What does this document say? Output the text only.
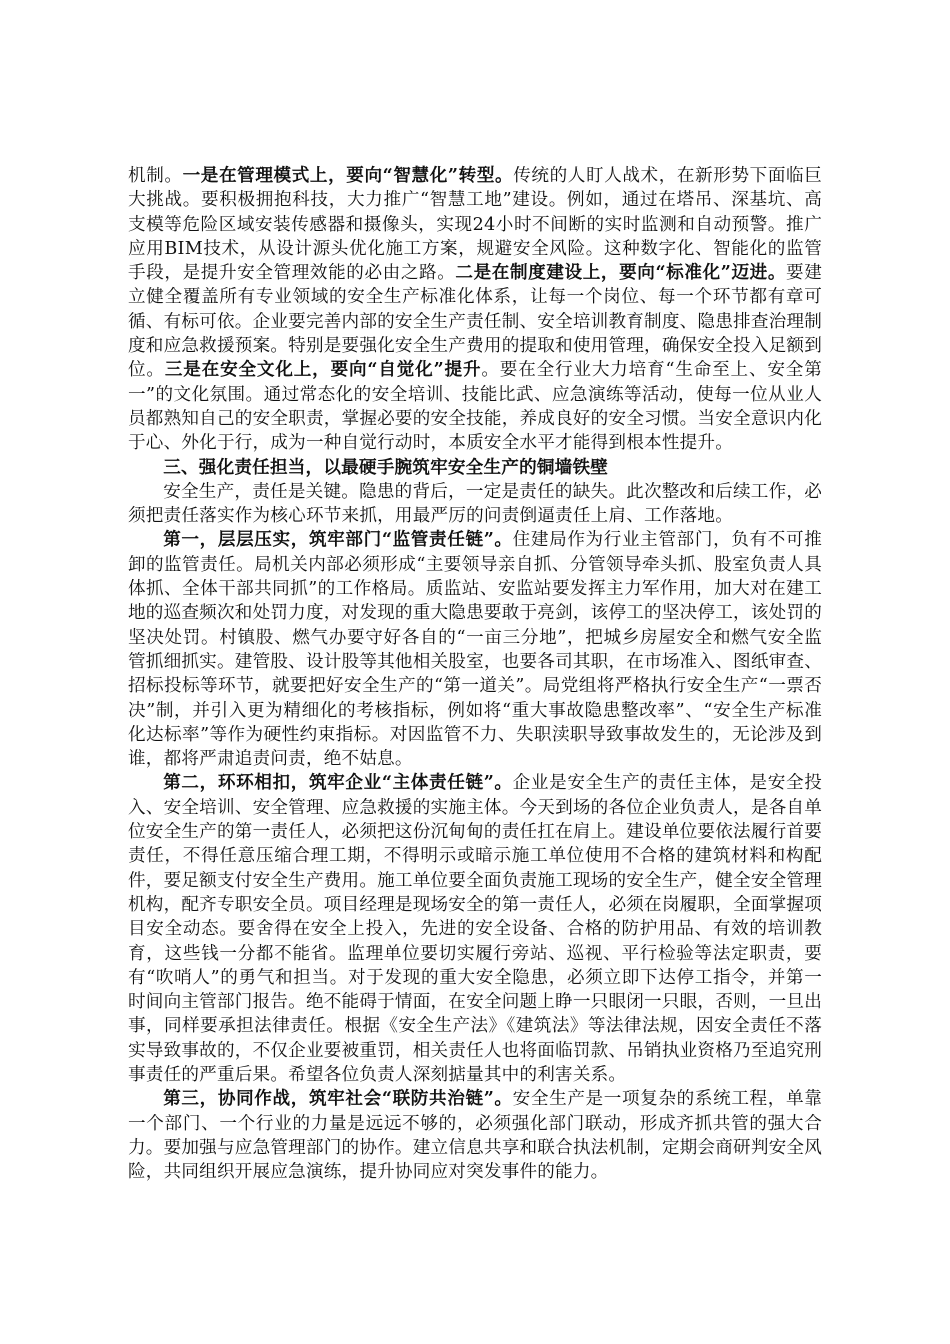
机制。一是在管理模式上，要向“智慧化”转型。传统的人盯人战术，在新形势下面临巨大挑战。要积极拥抱科技，大力推广“智慧工地”建设。例如，通过在塔吊、深基坑、高支模等危险区域安装传感器和摄像头，实现24小时不间断的实时监测和自动预警。推广应用BIM技术，从设计源头优化施工方案，规避安全风险。这种数字化、智能化的监管手段，是提升安全管理效能的必由之路。二是在制度建设上，要向“标准化”迈进。要建立健全覆盖所有专业领域的安全生产标准化体系，让每一个岗位、每一个环节都有章可循、有标可依。企业要完善内部的安全生产责任制、安全培训教育制度、隐患排查治理制度和应急救援预案。特别是要强化安全生产费用的提取和使用管理，确保安全投入足额到位。三是在安全文化上，要向“自觉化”提升。要在全行业大力培育“生命至上、安全第一”的文化氛围。通过常态化的安全培训、技能比武、应急演练等活动，使每一位从业人员都熟知自己的安全职责，掌握必要的安全技能，养成良好的安全习惯。当安全意识内化于心、外化于行，成为一种自觉行动时，本质安全水平才能得到根本性提升。

三、强化责任担当，以最硬手腕筑牢安全生产的铜墙铁壁

安全生产，责任是关键。隐患的背后，一定是责任的缺失。此次整改和后续工作，必须把责任落实作为核心环节来抓，用最严厉的问责倒逼责任上肩、工作落地。

第一，层层压实，筑牢部门“监管责任链”。住建局作为行业主管部门，负有不可推卸的监管责任。局机关内部必须形成“主要领导亲自抓、分管领导牵头抓、股室负责人具体抓、全体干部共同抓”的工作格局。质监站、安监站要发挥主力军作用，加大对在建工地的巡查频次和处罚力度，对发现的重大隐患要敢于亮剑，该停工的坚决停工，该处罚的坚决处罚。村镇股、燃气办要守好各自的“一亩三分地”，把城乡房屋安全和燃气安全监管抓细抓实。建管股、设计股等其他相关股室，也要各司其职，在市场准入、图纸审查、招标投标等环节，就要把好安全生产的“第一道关”。局党组将严格执行安全生产“一票否决”制，并引入更为精细化的考核指标，例如将“重大事故隐患整改率”、“安全生产标准化达标率”等作为硬性约束指标。对因监管不力、失职渎职导致事故发生的，无论涉及到谁，都将严肃追责问责，绝不姑息。

第二，环环相扣，筑牢企业“主体责任链”。企业是安全生产的责任主体，是安全投入、安全培训、安全管理、应急救援的实施主体。今天到场的各位企业负责人，是各自单位安全生产的第一责任人，必须把这份沉甸甸的责任扛在肩上。建设单位要依法履行首要责任，不得任意压缩合理工期，不得明示或暗示施工单位使用不合格的建筑材料和构配件，要足额支付安全生产费用。施工单位要全面负责施工现场的安全生产，健全安全管理机构，配齐专职安全员。项目经理是现场安全的第一责任人，必须在岗履职，全面掌握项目安全动态。要舍得在安全上投入，先进的安全设备、合格的防护用品、有效的培训教育，这些钱一分都不能省。监理单位要切实履行旁站、巡视、平行检验等法定职责，要有“吹哨人”的勇气和担当。对于发现的重大安全隐患，必须立即下达停工指令，并第一时间向主管部门报告。绝不能碍于情面，在安全问题上睁一只眼闭一只眼，否则，一旦出事，同样要承担法律责任。根据《安全生产法》《建筑法》等法律法规，因安全责任不落实导致事故的，不仅企业要被重罚，相关责任人也将面临罚款、吊销执业资格乃至追究刑事责任的严重后果。希望各位负责人深刻掂量其中的利害关系。

第三，协同作战，筑牢社会“联防共治链”。安全生产是一项复杂的系统工程，单靠一个部门、一个行业的力量是远远不够的，必须强化部门联动，形成齐抓共管的强大合力。要加强与应急管理部门的协作。建立信息共享和联合执法机制，定期会商研判安全风险，共同组织开展应急演练，提升协同应对突发事件的能力。
